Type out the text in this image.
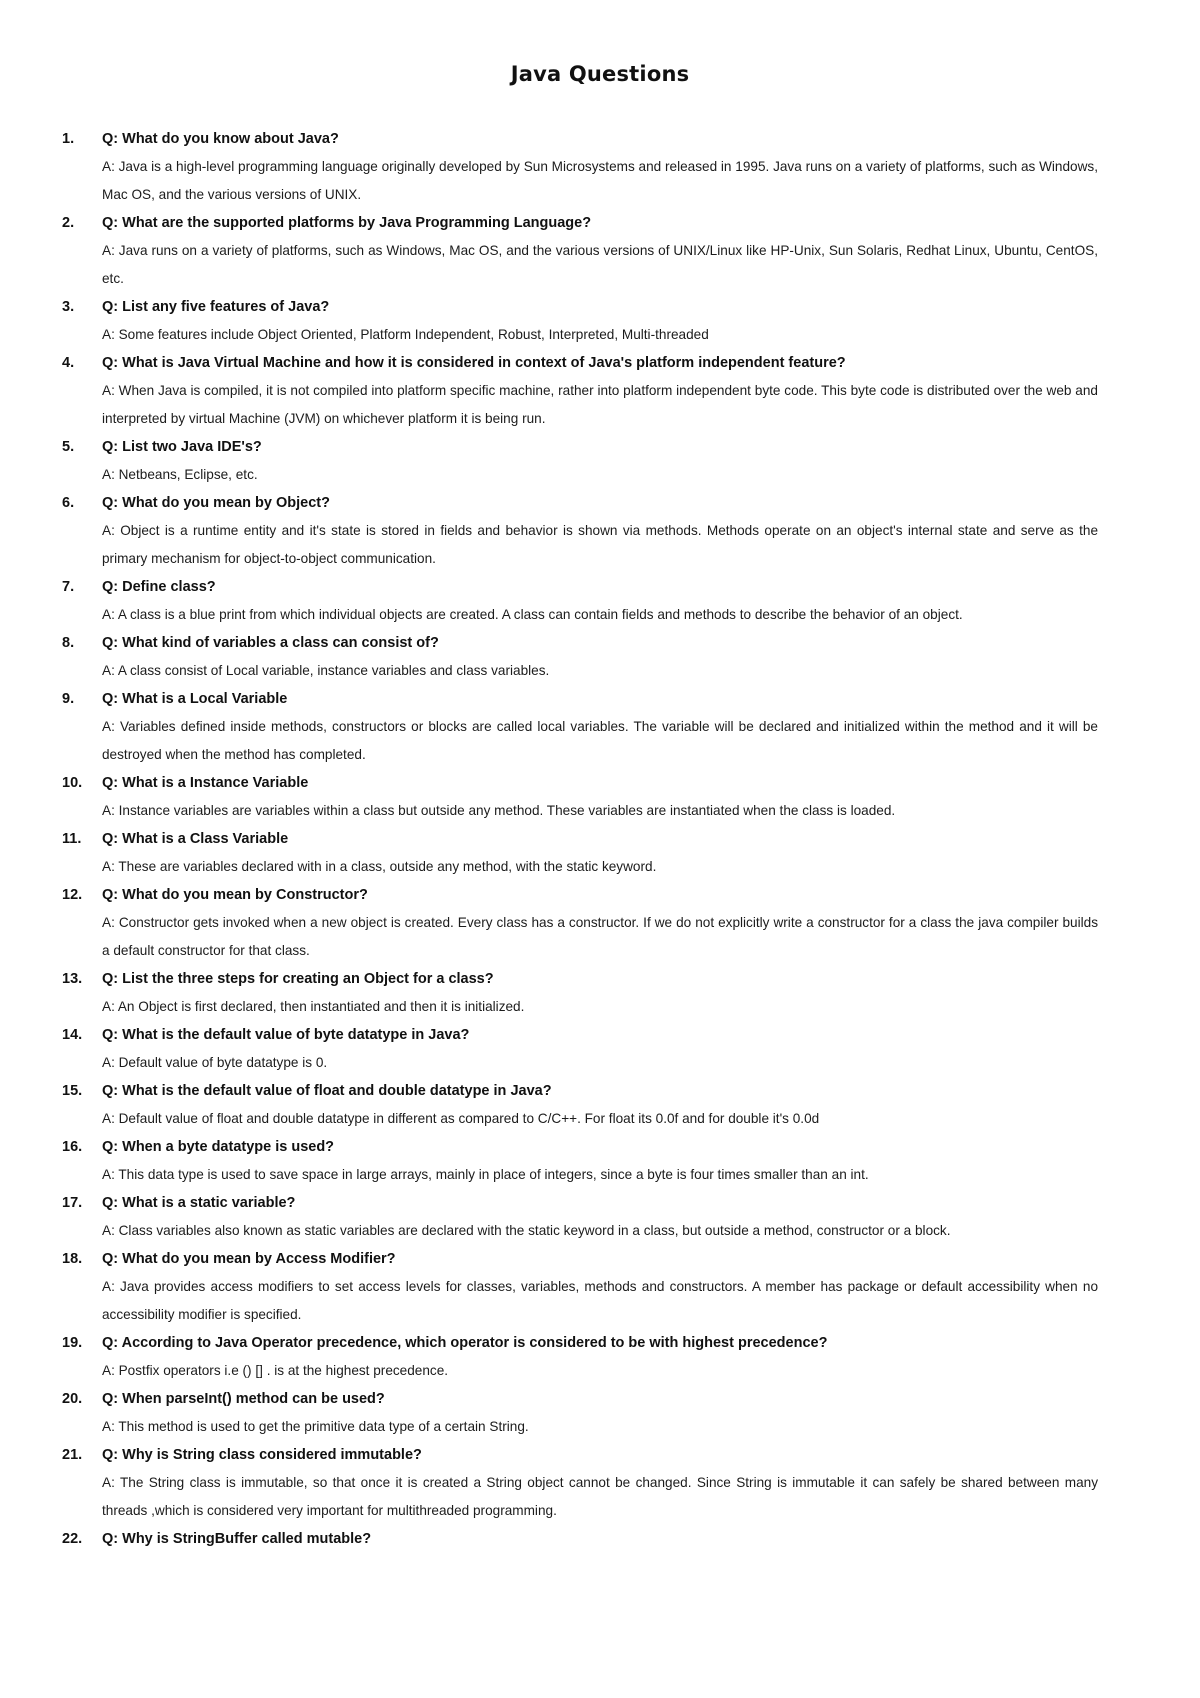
Java Questions
1.	Q: What do you know about Java?
A: Java is a high-level programming language originally developed by Sun Microsystems and released in 1995. Java runs on a variety of platforms, such as Windows, Mac OS, and the various versions of UNIX.
2.	Q: What are the supported platforms by Java Programming Language?
A: Java runs on a variety of platforms, such as Windows, Mac OS, and the various versions of UNIX/Linux like HP-Unix, Sun Solaris, Redhat Linux, Ubuntu, CentOS, etc.
3.	Q: List any five features of Java?
A: Some features include Object Oriented, Platform Independent, Robust, Interpreted, Multi-threaded
4.	Q: What is Java Virtual Machine and how it is considered in context of Java's platform independent feature?
A: When Java is compiled, it is not compiled into platform specific machine, rather into platform independent byte code. This byte code is distributed over the web and interpreted by virtual Machine (JVM) on whichever platform it is being run.
5.	Q: List two Java IDE's?
A: Netbeans, Eclipse, etc.
6.	Q: What do you mean by Object?
A: Object is a runtime entity and it's state is stored in fields and behavior is shown via methods. Methods operate on an object's internal state and serve as the primary mechanism for object-to-object communication.
7.	Q: Define class?
A: A class is a blue print from which individual objects are created. A class can contain fields and methods to describe the behavior of an object.
8.	Q: What kind of variables a class can consist of?
A: A class consist of Local variable, instance variables and class variables.
9.	Q: What is a Local Variable
A: Variables defined inside methods, constructors or blocks are called local variables. The variable will be declared and initialized within the method and it will be destroyed when the method has completed.
10.	Q: What is a Instance Variable
A: Instance variables are variables within a class but outside any method. These variables are instantiated when the class is loaded.
11.	Q: What is a Class Variable
A: These are variables declared with in a class, outside any method, with the static keyword.
12.	Q: What do you mean by Constructor?
A: Constructor gets invoked when a new object is created. Every class has a constructor. If we do not explicitly write a constructor for a class the java compiler builds a default constructor for that class.
13.	Q: List the three steps for creating an Object for a class?
A: An Object is first declared, then instantiated and then it is initialized.
14.	Q: What is the default value of byte datatype in Java?
A: Default value of byte datatype is 0.
15.	Q: What is the default value of float and double datatype in Java?
A: Default value of float and double datatype in different as compared to C/C++. For float its 0.0f and for double it's 0.0d
16.	Q: When a byte datatype is used?
A: This data type is used to save space in large arrays, mainly in place of integers, since a byte is four times smaller than an int.
17.	Q: What is a static variable?
A: Class variables also known as static variables are declared with the static keyword in a class, but outside a method, constructor or a block.
18.	Q: What do you mean by Access Modifier?
A: Java provides access modifiers to set access levels for classes, variables, methods and constructors. A member has package or default accessibility when no accessibility modifier is specified.
19.	Q: According to Java Operator precedence, which operator is considered to be with highest precedence?
A: Postfix operators i.e () [] . is at the highest precedence.
20.	Q: When parseInt() method can be used?
A: This method is used to get the primitive data type of a certain String.
21.	Q: Why is String class considered immutable?
A: The String class is immutable, so that once it is created a String object cannot be changed. Since String is immutable it can safely be shared between many threads ,which is considered very important for multithreaded programming.
22.	Q: Why is StringBuffer called mutable?
